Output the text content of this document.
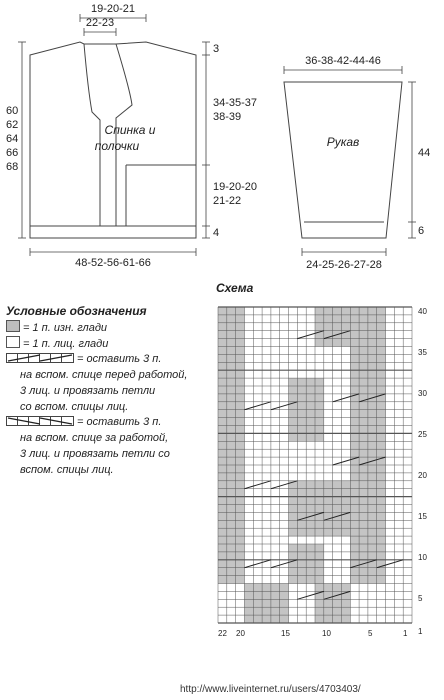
19-20-21
22-23
3
34-35-37
38-39
19-20-20
21-22
4
48-52-56-61-66
60
62
64
66
68
Спинка и
полочки
36-38-42-44-46
44
6
24-25-26-27-28
Рукав
Схема
40
35
30
25
20
15
10
5
1
22 20	15	10	5	1
Условные обозначения
= 1 п. изн. глади
= 1 п. лиц. глади
= оставить 3 п.
на вспом. спице перед работой,
3 лиц. и провязать петли
со вспом. спицы лиц.
= оставить 3 п.
на вспом. спице за работой,
3 лиц. и провязать петли со
вспом. спицы лиц.
http://www.liveinternet.ru/users/4703403/
